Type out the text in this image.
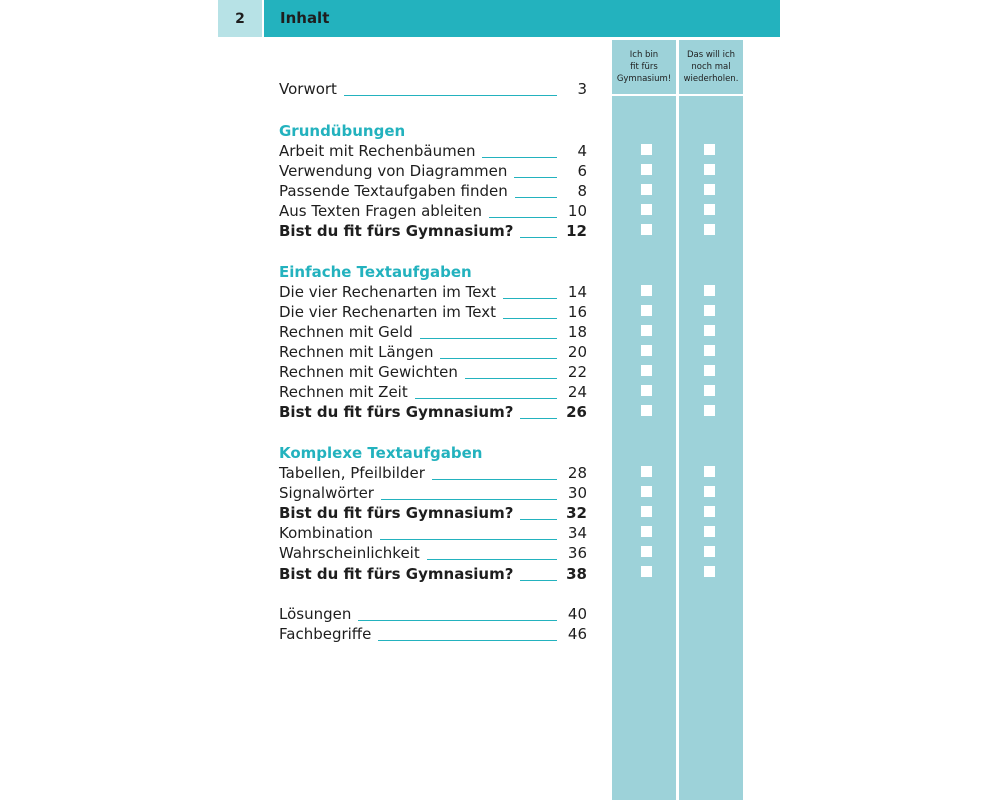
2	Inhalt
Ich bin
fit fürs
Gymnasium!
Das will ich
noch mal
wiederholen.
Vorwort	3
Grundübungen
Arbeit mit Rechenbäumen	4
Verwendung von Diagrammen	6
Passende Textaufgaben finden	8
Aus Texten Fragen ableiten	10
Bist du fit fürs Gymnasium?	12
Einfache Textaufgaben
Die vier Rechenarten im Text	14
Die vier Rechenarten im Text	16
Rechnen mit Geld	18
Rechnen mit Längen	20
Rechnen mit Gewichten	22
Rechnen mit Zeit	24
Bist du fit fürs Gymnasium?	26
Komplexe Textaufgaben
Tabellen, Pfeilbilder	28
Signalwörter	30
Bist du fit fürs Gymnasium?	32
Kombination	34
Wahrscheinlichkeit	36
Bist du fit fürs Gymnasium?	38
Lösungen	40
Fachbegriffe	46
